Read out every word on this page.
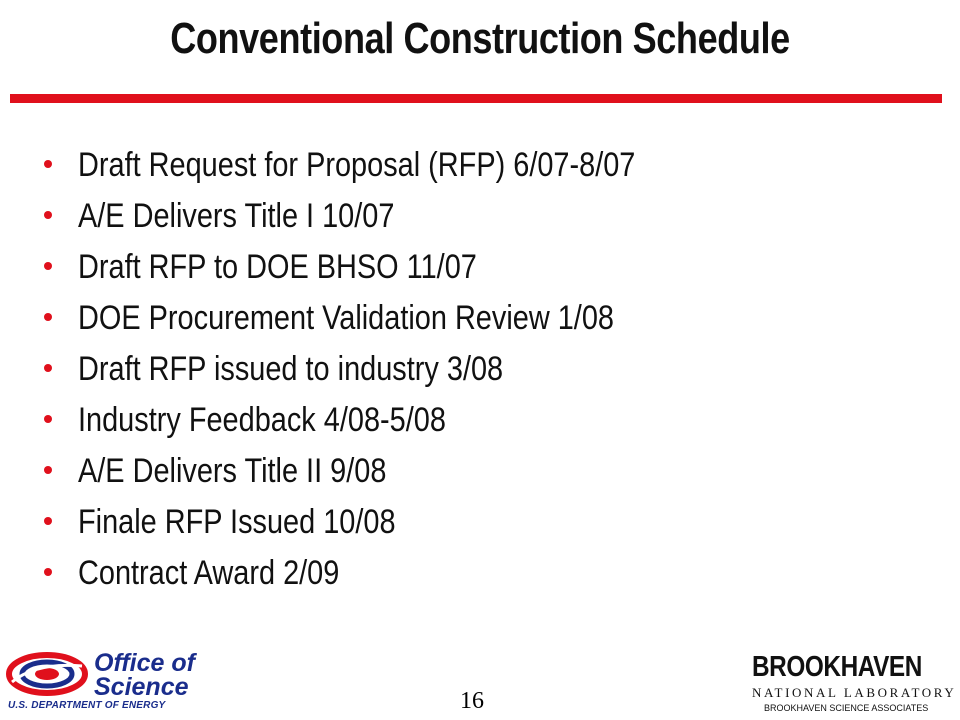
Conventional Construction Schedule
Draft Request for Proposal (RFP) 6/07-8/07
A/E Delivers Title I 10/07
Draft RFP to DOE BHSO 11/07
DOE Procurement Validation Review 1/08
Draft RFP issued to industry 3/08
Industry Feedback 4/08-5/08
A/E Delivers Title II 9/08
Finale RFP Issued 10/08
Contract Award 2/09
Office of
Science
U.S. DEPARTMENT OF ENERGY	16
BROOKHAVEN
NATIONAL LABORATORY
BROOKHAVEN SCIENCE ASSOCIATES
